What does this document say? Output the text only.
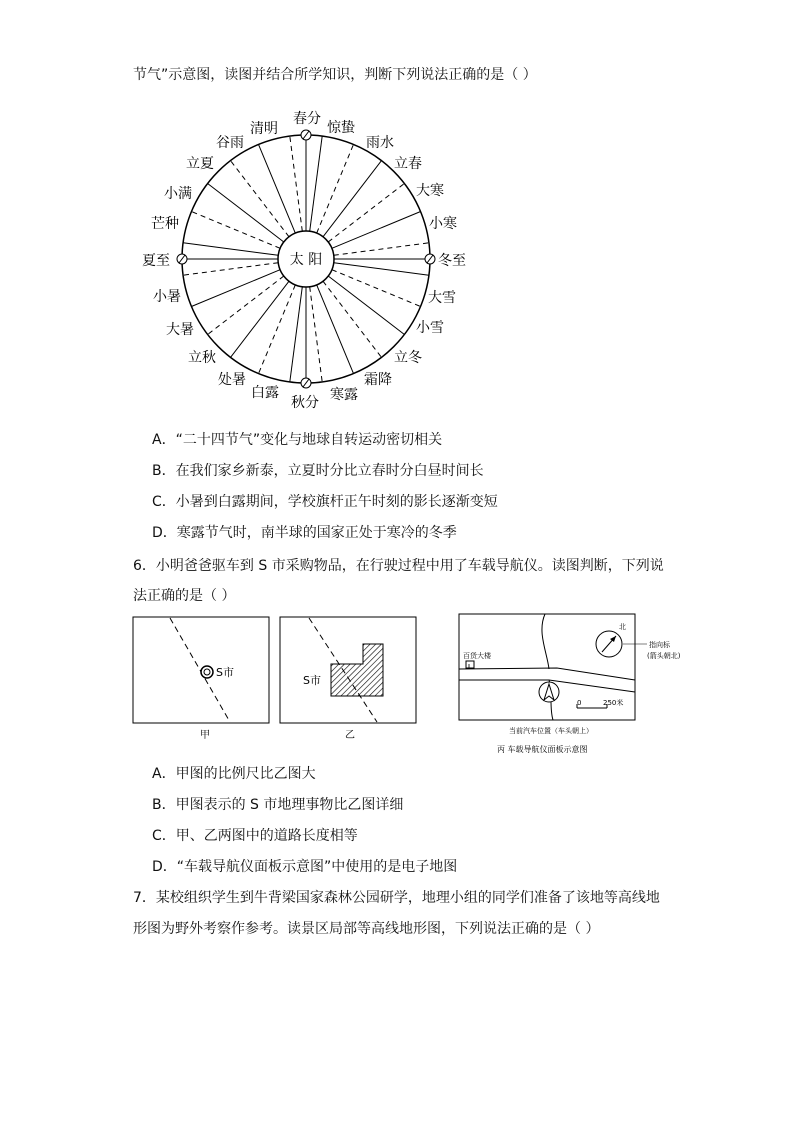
节气”示意图，读图并结合所学知识，判断下列说法正确的是（ ）
太 阳
春分
惊蛰
雨水
立春
大寒
小寒
冬至
大雪
小雪
立冬
霜降
寒露
秋分
白露
处暑
立秋
大暑
小暑
夏至
芒种
小满
立夏
谷雨
清明
A．“二十四节气”变化与地球自转运动密切相关
B．在我们家乡新泰，立夏时分比立春时分白昼时间长
C．小暑到白露期间，学校旗杆正午时刻的影长逐渐变短
D．寒露节气时，南半球的国家正处于寒冷的冬季
6．小明爸爸驱车到 S 市采购物品，在行驶过程中用了车载导航仪。读图判断，下列说
法正确的是（ ）
S市
甲
S市
乙
百货大楼
北
指向标
(箭头朝北)
当前汽车位置（车头朝上）
0	250米
丙 车载导航仪面板示意图
A．甲图的比例尺比乙图大
B．甲图表示的 S 市地理事物比乙图详细
C．甲、乙两图中的道路长度相等
D．“车载导航仪面板示意图”中使用的是电子地图
7．某校组织学生到牛背梁国家森林公园研学，地理小组的同学们准备了该地等高线地
形图为野外考察作参考。读景区局部等高线地形图，下列说法正确的是（ ）
